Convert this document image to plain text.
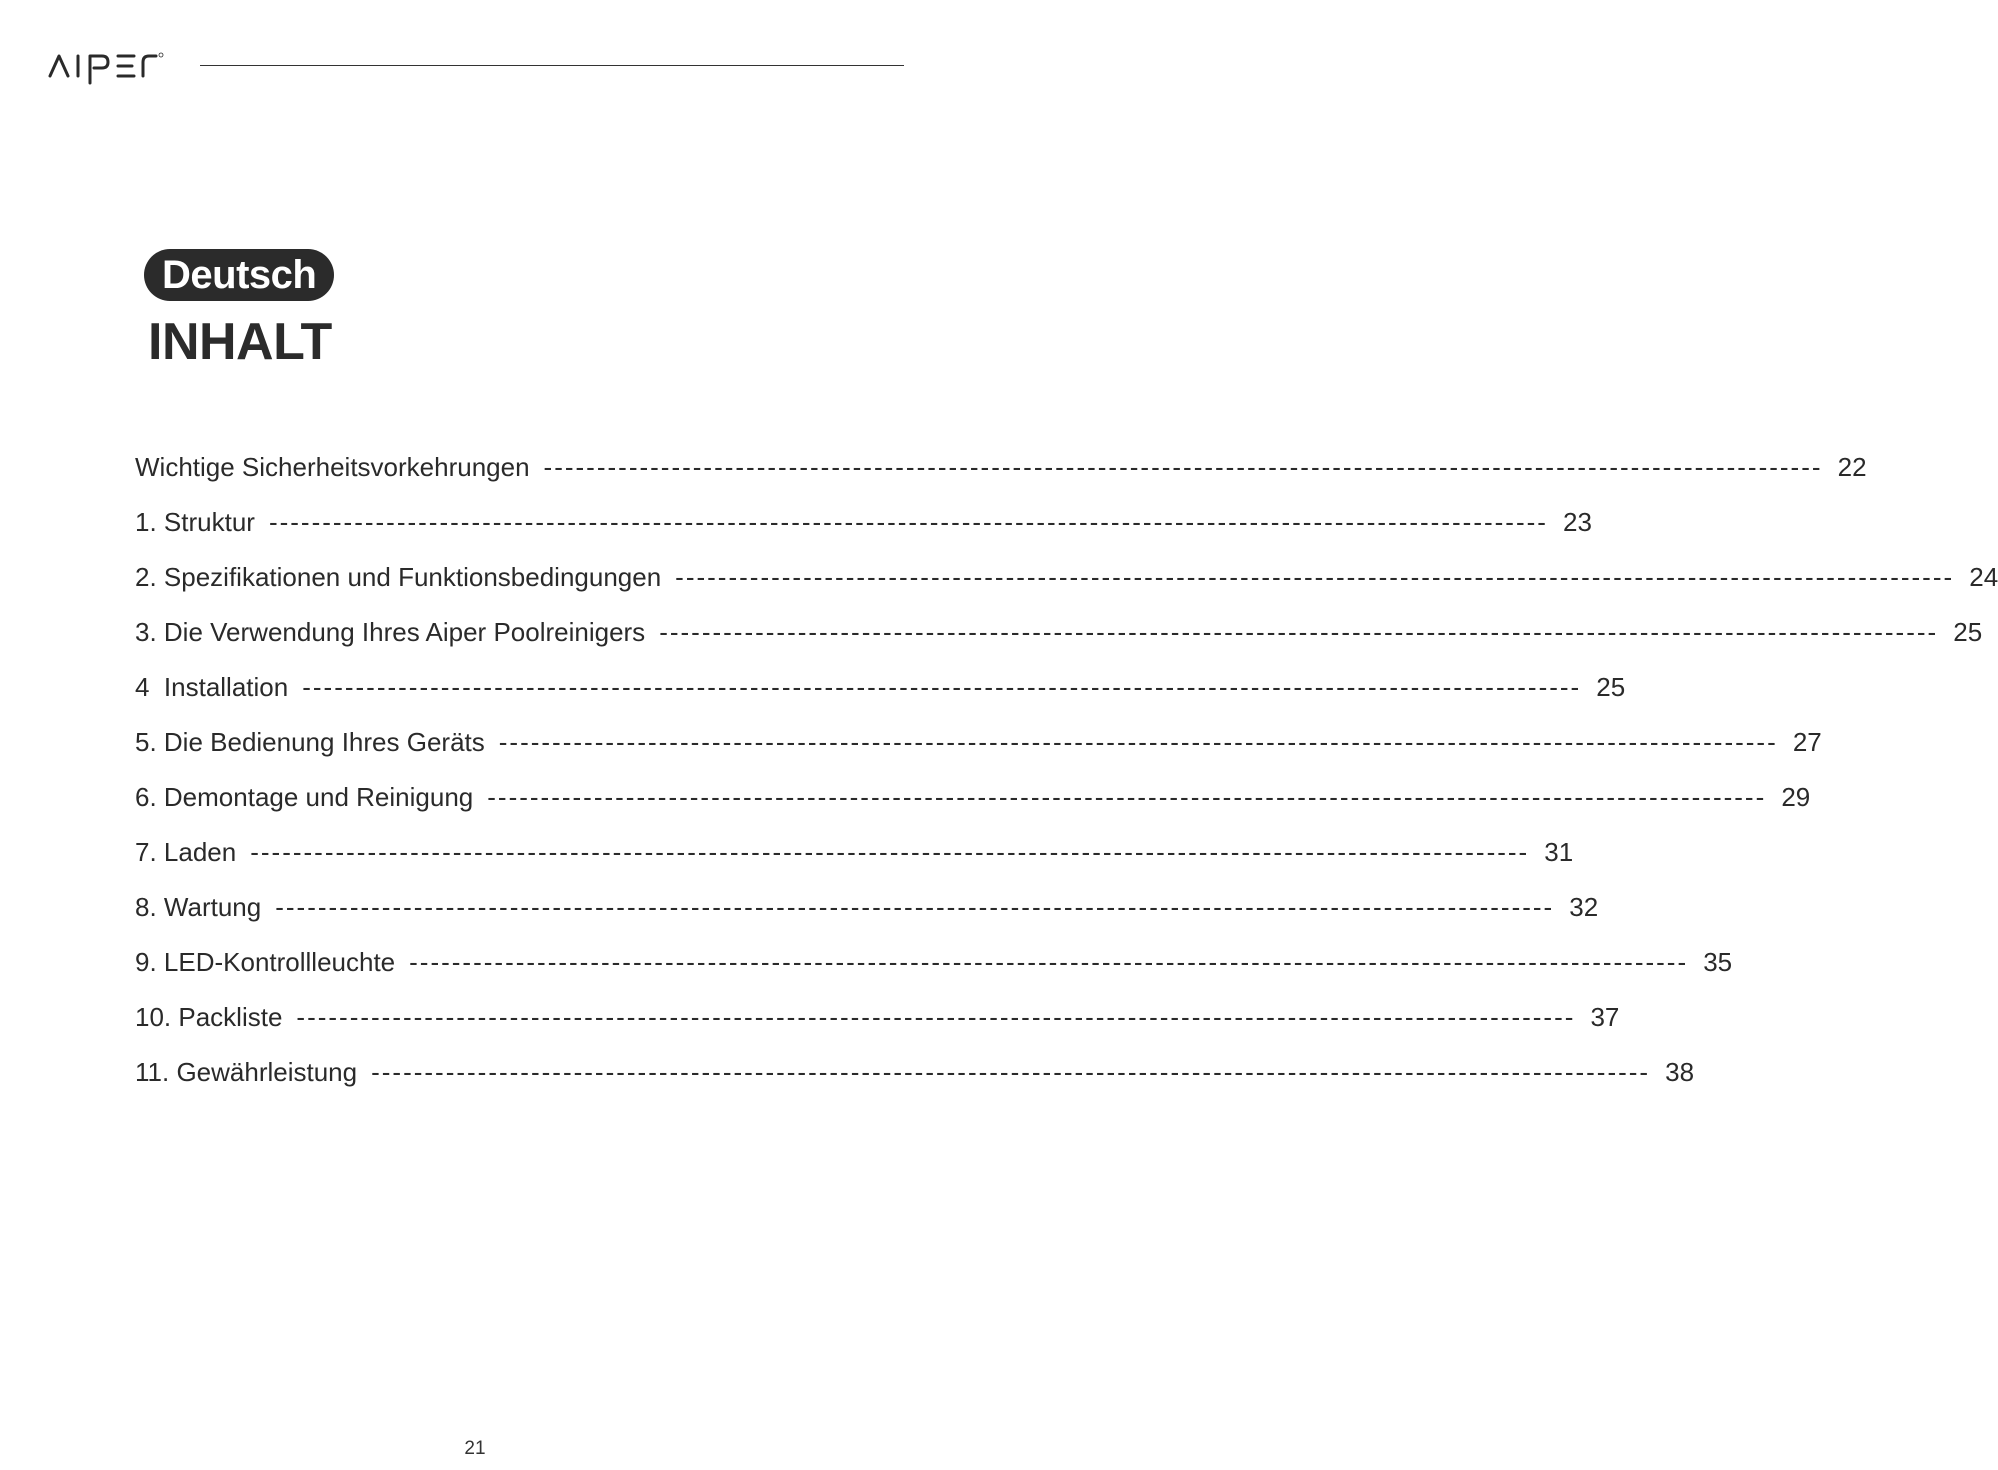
Deutsch
INHALT
Wichtige Sicherheitsvorkehrungen ------------------------------------------------------------------------------------------------------------------------ 22
1. Struktur ------------------------------------------------------------------------------------------------------------------------ 23
2. Spezifikationen und Funktionsbedingungen ------------------------------------------------------------------------------------------------------------------------ 24
3. Die Verwendung Ihres Aiper Poolreinigers ------------------------------------------------------------------------------------------------------------------------ 25
4  Installation ------------------------------------------------------------------------------------------------------------------------ 25
5. Die Bedienung Ihres Geräts ------------------------------------------------------------------------------------------------------------------------ 27
6. Demontage und Reinigung ------------------------------------------------------------------------------------------------------------------------ 29
7. Laden ------------------------------------------------------------------------------------------------------------------------ 31
8. Wartung ------------------------------------------------------------------------------------------------------------------------ 32
9. LED-Kontrollleuchte ------------------------------------------------------------------------------------------------------------------------ 35
10. Packliste ------------------------------------------------------------------------------------------------------------------------ 37
11. Gewährleistung ------------------------------------------------------------------------------------------------------------------------ 38
21
